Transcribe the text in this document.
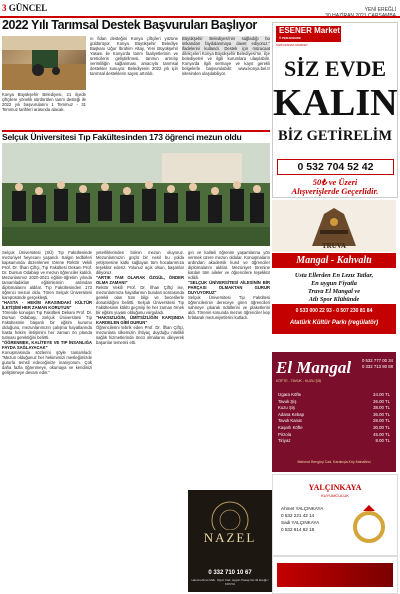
3 GÜNCEL	YENİ EREĞLİ
2022 Yılı Tarımsal Destek Başvuruları Başlıyor
Konya Büyükşehir Belediyesi, 21 ilçede çiftçilere yönelik sürdürülen tarım desteği ile 2022 yılı başvurularını 1 Temmuz - 31 Temmuz tarihleri arasında alacak.
nı fidan desteğini Konya çiftçileri yüzüne güldürüyor. Konya Büyükşehir Belediye Başkanı Uğur İbrahim Altay, Yeni Büyükşehir Yasası ile Konya'da tarım faaliyetlerinin ve üreticilerin geliştirilmesi, tarımın artırılıp verimliliğin sağlanması amacıyla tarımsal destekler sunuyor. Belediyenin 2022 yılı için tarımsal desteklerin sayısı artırıldı.
Büyükşehir Belediyesi'nin sağladığı bu imkandan faydalanmaya davet ediyoruz." ifadelerini kullandı. Destek için müracaat dilekçeleri Konya Büyükşehir Belediyesi'ne, ilçe belediyeleri ve ilgili kurumlara ulaşılabilir. Konya'da ilgili sermaye ve kayıt gerekli belgelerle başvurulabilir: www.konya.bel.tr sitesinden ulaşılabiliyor.
Selçuk Üniversitesi Tıp Fakültesinden 173 öğrenci mezun oldu
Selçuk Üniversitesi (SÜ) Tıp Fakültesinde mezuniyet heyecanı yaşandı. Salgın tedbirleri kapsamında düzenlenen törene Rektör Vekili Prof. Dr. İlhan Çiftçi, Tıp Fakültesi Dekanı Prof. Dr. Dursun Odabaşı ve mezun öğrenciler katıldı. Mezunlarımız 2020-2021 eğitim-öğretim yılında tamamladıkları eğitimlerinin ardından diplomalarını aldılar. Tıp Fakültesinden 173 öğrenci mezun oldu. Tören Selçuk Üniversitesi kampüsünde gerçekleşti.
"HASTA - HEKİM ARASINDAKİ KÜLTÜR İLETİŞİMİ HER ZAMAN KORUYUN"
Törende konuşan Tıp Fakültesi Dekanı Prof. Dr. Dursun Odabaşı, Selçuk Üniversitesi Tıp Fakültesinin başarılı bir eğitim kurumu olduğunu, mezunlarımızın çalışma hayatlarında hasta hekim iletişimini her zaman ön planda tutması gerektiğini belirtti.
"ÖĞRENMEK, KALİTEYE VE TIP İNSANLIĞA FAYDA SAĞLAYACAK"
Konuşmasında sözlerini şöyle tamamladı: "Mezun olduğunuz her hekimimizi mesleğimizde gururla temsil edeceğinize inanıyorum. Çok daha fazla öğrenmeye, okumaya ve kendinizi geliştirmeye devam edin."
yeterliklerinden birinin mezun oluyoruz. Mezunlarımızın güçlü bir nesil bu yolda yetişmesine katkı sağlayan tüm hocalarımıza teşekkür ederiz. Yolunuz açık olsun, başarılar diliyoruz.
"ARTIK TAM OLARAK ÖZGÜL, ÖNDER OLMA ZAMANI"
Rektör Vekili Prof. Dr. İlhan Çiftçi ise, mezunlarımıza hayatlarının bundan sonrasında gerekli olan tüm bilgi ve becerilerle donatıldığını belirtti. Selçuk Üniversitesi Tıp Fakültesinin köklü geçmişi ile her zaman örnek bir eğitim yuvası olduğunu vurguladı.
"HAKSIZLIĞIN, ÜMİTSİZLİĞİN KARŞINDA KARDELEN GİBİ DURUN"
Öğrencilerini tebrik eden Prof. Dr. İlhan Çiftçi, mezunlara ülkemizin ihtiyaç duyduğu nitelikli sağlık hizmetlerinde öncü olmalarını dileyerek başarılar temenni etti.
gın ve kaliteli öğrenim yaşamlarına yön vermek üzere mezun oldular. Konuşmaların ardından akademik kurul ve öğrenciler diplomalarını aldılar. Mezuniyet törenine katılan tüm aileler ve öğrencilere teşekkür edildi.
"SELÇUK ÜNİVERSİTESİ AİLESİNİN BİR PARÇASI OLMAKTAN GURUR DUYUYORUZ"
Selçuk Üniversitesi Tıp Fakültesi öğrencilerinin dereceye giren öğrencileri sahneye çıkarak ödüllerini ve plaketlerini aldı. Törenin sonunda mezun öğrenciler kep fırlatarak mezuniyetlerini kutladı.
NAZEL
0 332 710 10 67
Hacımehmet Mah. Oğuz Cad. Aygün Pasajı No:42 Ereğli / KONYA
ESENER Market
® PERAKENDE
SİZİN ESNAF MARKET
SİZ EVDE
KALIN
BİZ GETİRELİM
0 532 704 52 42
50₺ ve Üzeri
Alışverişlerde Geçerlidir.
TRUVA
Mangal - Kahvaltı
Usta Ellerden En Lezız Tatlar,
En uygun Fiyatla
Truva El Mangal ve
Atlı Spor Klübünde
0 533 000 22 93 - 0 507 230 81 84
Atatürk Kültür Parkı (regülatör)
El Mangal
KÖFTE - TAVUK - KUZU ŞİŞ
0 532 777 00 34
0 332 713 80 88
Izgara Köfte	24.00 TL
Tavuk Şiş	26.00 TL
Kuzu Şiş	38.00 TL
Adana Kebap	36.00 TL
Tavuk Kanat	28.00 TL
Kaşarlı Köfte	30.00 TL
Pirzola	45.00 TL
Tiriyaz	8.00 TL
Mahmut Bengüşi Cad. Karakışla Köy Mahallesi
YALÇINKAYA
KUYUMCULUK
Ahmet YALÇINKAYA
0 532 221 42 14
Sadi YALÇINKAYA
0 532 614 62 18
